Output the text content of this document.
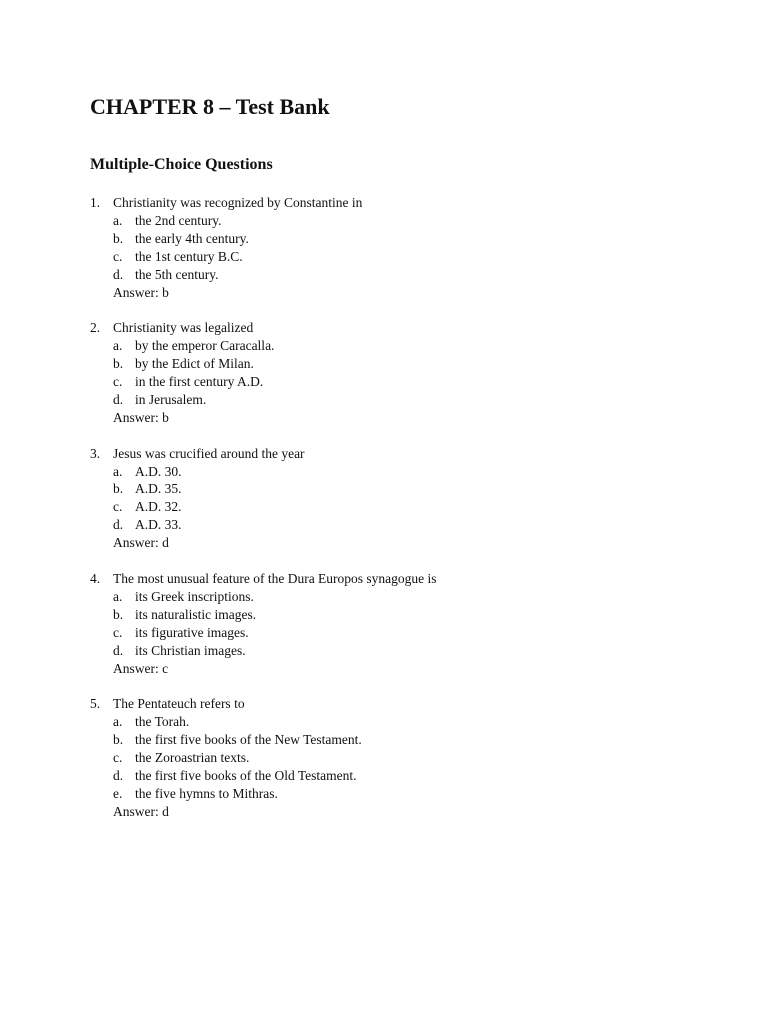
CHAPTER 8 – Test Bank
Multiple-Choice Questions
1. Christianity was recognized by Constantine in
a. the 2nd century.
b. the early 4th century.
c. the 1st century B.C.
d. the 5th century.
Answer: b
2. Christianity was legalized
a. by the emperor Caracalla.
b. by the Edict of Milan.
c. in the first century A.D.
d. in Jerusalem.
Answer: b
3. Jesus was crucified around the year
a. A.D. 30.
b. A.D. 35.
c. A.D. 32.
d. A.D. 33.
Answer: d
4. The most unusual feature of the Dura Europos synagogue is
a. its Greek inscriptions.
b. its naturalistic images.
c. its figurative images.
d. its Christian images.
Answer: c
5. The Pentateuch refers to
a. the Torah.
b. the first five books of the New Testament.
c. the Zoroastrian texts.
d. the first five books of the Old Testament.
e. the five hymns to Mithras.
Answer: d
